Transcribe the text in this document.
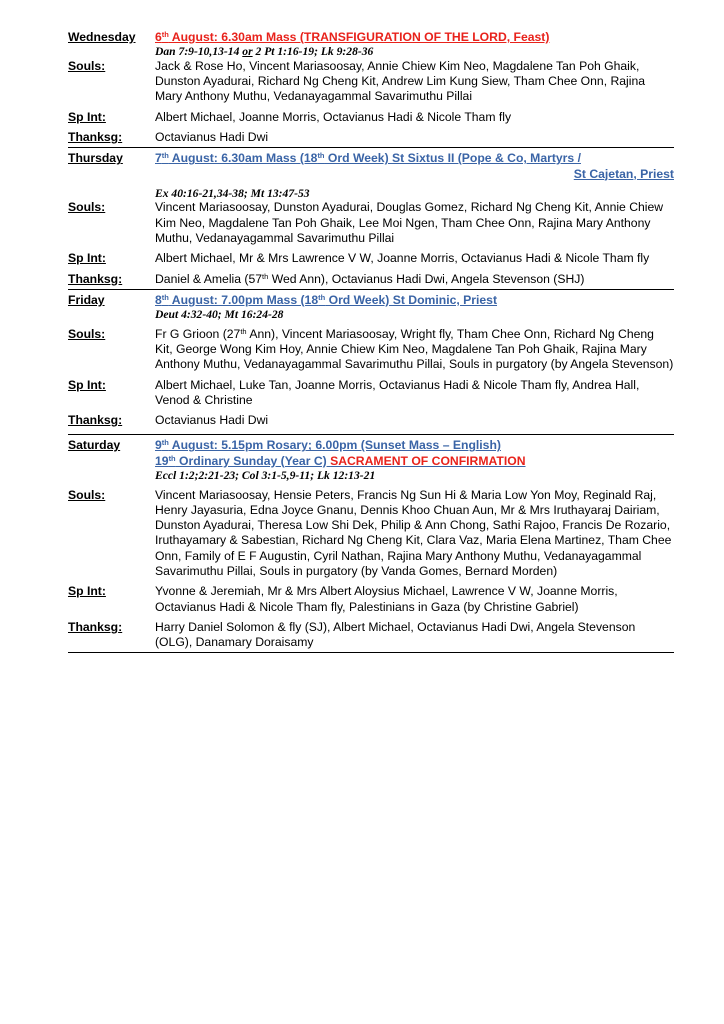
Wednesday	6th August: 6.30am Mass (TRANSFIGURATION OF THE LORD, Feast)
Dan 7:9-10,13-14 or 2 Pt 1:16-19; Lk 9:28-36
Souls:	Jack & Rose Ho, Vincent Mariasoosay, Annie Chiew Kim Neo, Magdalene Tan Poh Ghaik, Dunston Ayadurai, Richard Ng Cheng Kit, Andrew Lim Kung Siew, Tham Chee Onn, Rajina Mary Anthony Muthu, Vedanayagammal Savarimuthu Pillai
Sp Int:	Albert Michael, Joanne Morris, Octavianus Hadi & Nicole Tham fly
Thanksg:	Octavianus Hadi Dwi
Thursday	7th August: 6.30am Mass (18th Ord Week) St Sixtus II (Pope & Co, Martyrs /
St Cajetan, Priest
Ex 40:16-21,34-38; Mt 13:47-53
Souls:	Vincent Mariasoosay, Dunston Ayadurai, Douglas Gomez, Richard Ng Cheng Kit, Annie Chiew Kim Neo, Magdalene Tan Poh Ghaik, Lee Moi Ngen, Tham Chee Onn, Rajina Mary Anthony Muthu, Vedanayagammal Savarimuthu Pillai
Sp Int:	Albert Michael, Mr & Mrs Lawrence V W, Joanne Morris, Octavianus Hadi & Nicole Tham fly
Thanksg:	Daniel & Amelia (57th Wed Ann), Octavianus Hadi Dwi, Angela Stevenson (SHJ)
Friday	8th August: 7.00pm Mass (18th Ord Week) St Dominic, Priest
Deut 4:32-40; Mt 16:24-28
Souls:	Fr G Grioon (27th Ann), Vincent Mariasoosay, Wright fly, Tham Chee Onn, Richard Ng Cheng Kit, George Wong Kim Hoy, Annie Chiew Kim Neo, Magdalene Tan Poh Ghaik, Rajina Mary Anthony Muthu, Vedanayagammal Savarimuthu Pillai, Souls in purgatory (by Angela Stevenson)
Sp Int:	Albert Michael, Luke Tan, Joanne Morris, Octavianus Hadi & Nicole Tham fly, Andrea Hall, Venod & Christine
Thanksg:	Octavianus Hadi Dwi
Saturday	9th August: 5.15pm Rosary; 6.00pm (Sunset Mass – English)
19th Ordinary Sunday (Year C) SACRAMENT OF CONFIRMATION
Eccl 1:2;2:21-23; Col 3:1-5,9-11; Lk 12:13-21
Souls:	Vincent Mariasoosay, Hensie Peters, Francis Ng Sun Hi & Maria Low Yon Moy, Reginald Raj, Henry Jayasuria, Edna Joyce Gnanu, Dennis Khoo Chuan Aun, Mr & Mrs Iruthayaraj Dairiam, Dunston Ayadurai, Theresa Low Shi Dek, Philip & Ann Chong, Sathi Rajoo, Francis De Rozario, Iruthayamary & Sabestian, Richard Ng Cheng Kit, Clara Vaz, Maria Elena Martinez, Tham Chee Onn, Family of E F Augustin, Cyril Nathan, Rajina Mary Anthony Muthu, Vedanayagammal Savarimuthu Pillai, Souls in purgatory (by Vanda Gomes, Bernard Morden)
Sp Int:	Yvonne & Jeremiah, Mr & Mrs Albert Aloysius Michael, Lawrence V W, Joanne Morris, Octavianus Hadi & Nicole Tham fly, Palestinians in Gaza (by Christine Gabriel)
Thanksg:	Harry Daniel Solomon & fly (SJ), Albert Michael, Octavianus Hadi Dwi, Angela Stevenson (OLG), Danamary Doraisamy
